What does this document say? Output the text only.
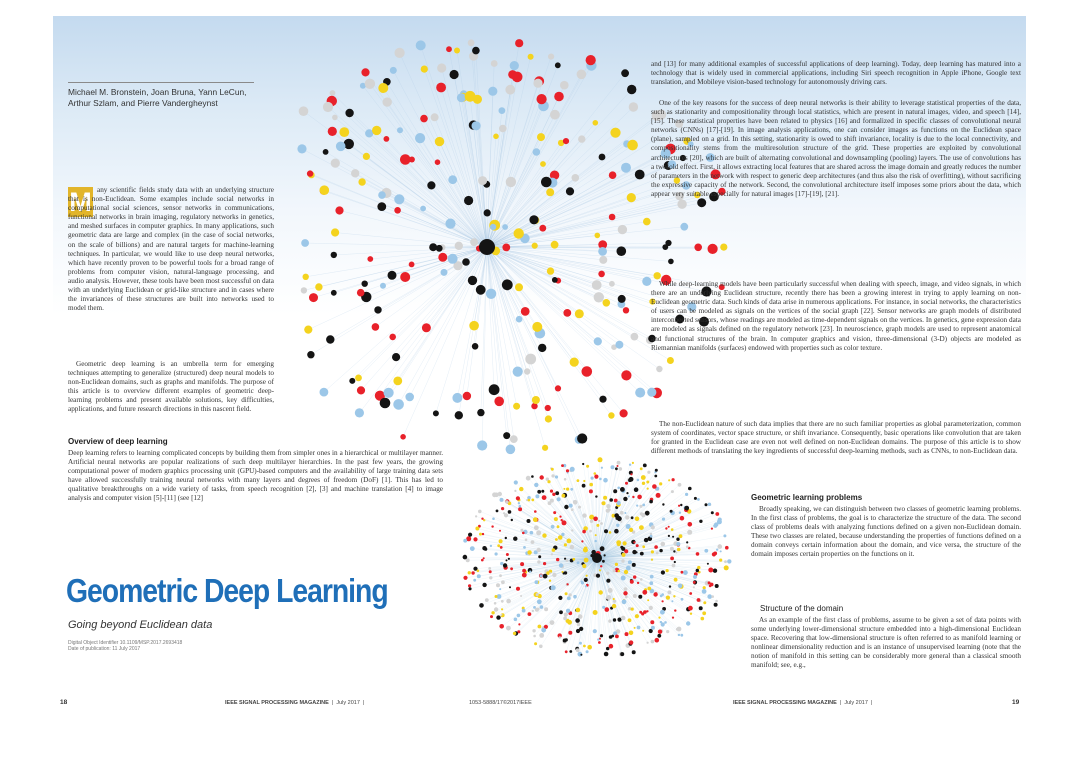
Michael M. Bronstein, Joan Bruna, Yann LeCun, Arthur Szlam, and Pierre Vandergheynst
M any scientific fields study data with an underlying structure that is non-Euclidean. Some examples include social networks in computational social sciences, sensor networks in communications, functional networks in brain imaging, regulatory networks in genetics, and meshed surfaces in computer graphics. In many applications, such geometric data are large and complex (in the case of social networks, on the scale of billions) and are natural targets for machine-learning techniques. In particular, we would like to use deep neural networks, which have recently proven to be powerful tools for a broad range of problems from computer vision, natural-language processing, and audio analysis. However, these tools have been most successful on data with an underlying Euclidean or grid-like structure and in cases where the invariances of these structures are built into networks used to model them.
Geometric deep learning is an umbrella term for emerging techniques attempting to generalize (structured) deep neural models to non-Euclidean domains, such as graphs and manifolds. The purpose of this article is to overview different examples of geometric deep-learning problems and present available solutions, key difficulties, applications, and future research directions in this nascent field.
Overview of deep learning
Deep learning refers to learning complicated concepts by building them from simpler ones in a hierarchical or multilayer manner. Artificial neural networks are popular realizations of such deep multilayer hierarchies. In the past few years, the growing computational power of modern graphics processing unit (GPU)-based computers and the availability of large training data sets have allowed successfully training neural networks with many layers and degrees of freedom (DoF) [1]. This has led to qualitative breakthroughs on a wide variety of tasks, from speech recognition [2], [3] and machine translation [4] to image analysis and computer vision [5]-[11] (see [12]
Geometric Deep Learning
Going beyond Euclidean data
Digital Object Identifier 10.1109/MSP.2017.2693418
Date of publication: 11 July 2017
and [13] for many additional examples of successful applications of deep learning). Today, deep learning has matured into a technology that is widely used in commercial applications, including Siri speech recognition in Apple iPhone, Google text translation, and Mobileye vision-based technology for autonomously driving cars.
One of the key reasons for the success of deep neural networks is their ability to leverage statistical properties of the data, such as stationarity and compositionality through local statistics, which are present in natural images, video, and speech [14], [15]. These statistical properties have been related to physics [16] and formalized in specific classes of convolutional neural networks (CNNs) [17]-[19]. In image analysis applications, one can consider images as functions on the Euclidean space (plane), sampled on a grid. In this setting, stationarity is owed to shift invariance, locality is due to the local connectivity, and compositionality stems from the multiresolution structure of the grid. These properties are exploited by convolutional architectures [20], which are built of alternating convolutional and downsampling (pooling) layers. The use of convolutions has a twofold effect. First, it allows extracting local features that are shared across the image domain and greatly reduces the number of parameters in the network with respect to generic deep architectures (and thus also the risk of overfitting), without sacrificing the expressive capacity of the network. Second, the convolutional architecture itself imposes some priors about the data, which appear very suitable especially for natural images [17]-[19], [21].
While deep-learning models have been particularly successful when dealing with speech, image, and video signals, in which there are an underlying Euclidean structure, recently there has been a growing interest in trying to apply learning on non-Euclidean geometric data. Such kinds of data arise in numerous applications. For instance, in social networks, the characteristics of users can be modeled as signals on the vertices of the social graph [22]. Sensor networks are graph models of distributed interconnected sensors, whose readings are modeled as time-dependent signals on the vertices. In genetics, gene expression data are modeled as signals defined on the regulatory network [23]. In neuroscience, graph models are used to represent anatomical and functional structures of the brain. In computer graphics and vision, three-dimensional (3-D) objects are modeled as Riemannian manifolds (surfaces) endowed with properties such as color texture.
The non-Euclidean nature of such data implies that there are no such familiar properties as global parameterization, common system of coordinates, vector space structure, or shift invariance. Consequently, basic operations like convolution that are taken for granted in the Euclidean case are even not well defined on non-Euclidean domains. The purpose of this article is to show different methods of translating the key ingredients of successful deep-learning methods, such as CNNs, to non-Euclidean data.
Geometric learning problems
Broadly speaking, we can distinguish between two classes of geometric learning problems. In the first class of problems, the goal is to characterize the structure of the data. The second class of problems deals with analyzing functions defined on a given non-Euclidean domain. These two classes are related, because understanding the properties of functions defined on a domain conveys certain information about the domain, and vice versa, the structure of the domain imposes certain properties on the functions on it.
Structure of the domain
As an example of the first class of problems, assume to be given a set of data points with some underlying lower-dimensional structure embedded into a high-dimensional Euclidean space. Recovering that low-dimensional structure is often referred to as manifold learning or nonlinear dimensionality reduction and is an instance of unsupervised learning (note that the notion of manifold in this setting can be considerably more general than a classical smooth manifold; see, e.g.,
18	IEEE SIGNAL PROCESSING MAGAZINE  |  July 2017  |	1053-5888/17©2017IEEE	IEEE SIGNAL PROCESSING MAGAZINE  |  July 2017  |	19
